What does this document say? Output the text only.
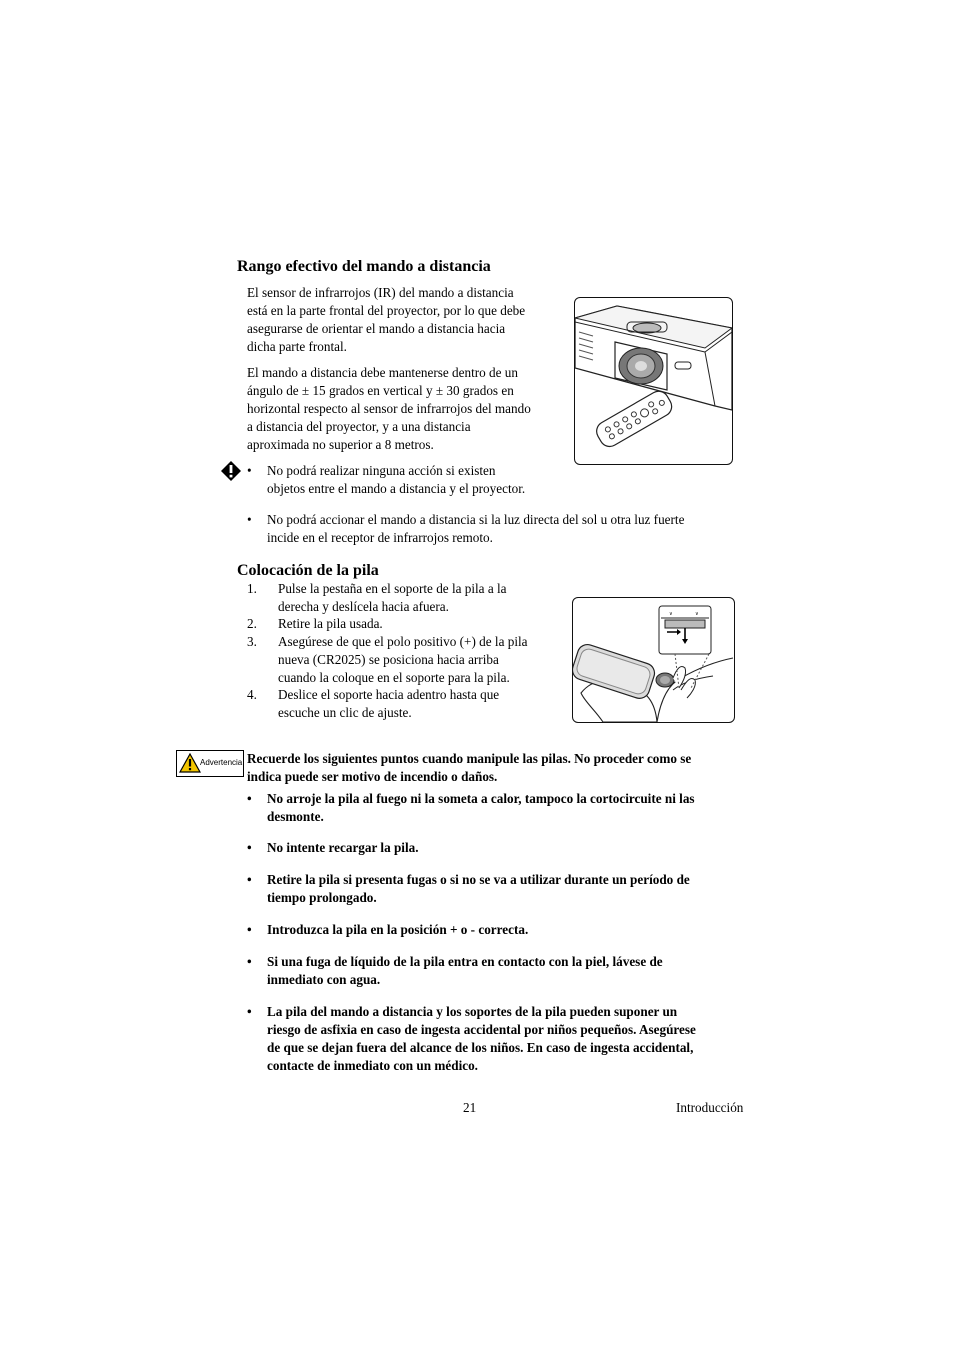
Rango efectivo del mando a distancia
El sensor de infrarrojos (IR) del mando a distancia
está en la parte frontal del proyector, por lo que debe
asegurarse de orientar el mando a distancia hacia
dicha parte frontal.
El mando a distancia debe mantenerse dentro de un
ángulo de ± 15 grados en vertical y ± 30 grados en
horizontal respecto al sensor de infrarrojos del mando
a distancia del proyector, y a una distancia
aproximada no superior a 8 metros.
• No podrá realizar ninguna acción si existen
objetos entre el mando a distancia y el proyector.
• No podrá accionar el mando a distancia si la luz directa del sol u otra luz fuerte
incide en el receptor de infrarrojos remoto.
Colocación de la pila
1. Pulse la pestaña en el soporte de la pila a la
derecha y deslícela hacia afuera.
2. Retire la pila usada.
3. Asegúrese de que el polo positivo (+) de la pila
nueva (CR2025) se posiciona hacia arriba
cuando la coloque en el soporte para la pila.
4. Deslice el soporte hacia adentro hasta que
escuche un clic de ajuste.
∨	∨
Advertencia Recuerde los siguientes puntos cuando manipule las pilas. No proceder como se
indica puede ser motivo de incendio o daños.
• No arroje la pila al fuego ni la someta a calor, tampoco la cortocircuite ni las
desmonte.
• No intente recargar la pila.
• Retire la pila si presenta fugas o si no se va a utilizar durante un período de
tiempo prolongado.
• Introduzca la pila en la posición + o - correcta.
• Si una fuga de líquido de la pila entra en contacto con la piel, lávese de
inmediato con agua.
• La pila del mando a distancia y los soportes de la pila pueden suponer un
riesgo de asfixia en caso de ingesta accidental por niños pequeños. Asegúrese
de que se dejan fuera del alcance de los niños. En caso de ingesta accidental,
contacte de inmediato con un médico.
21	Introducción
